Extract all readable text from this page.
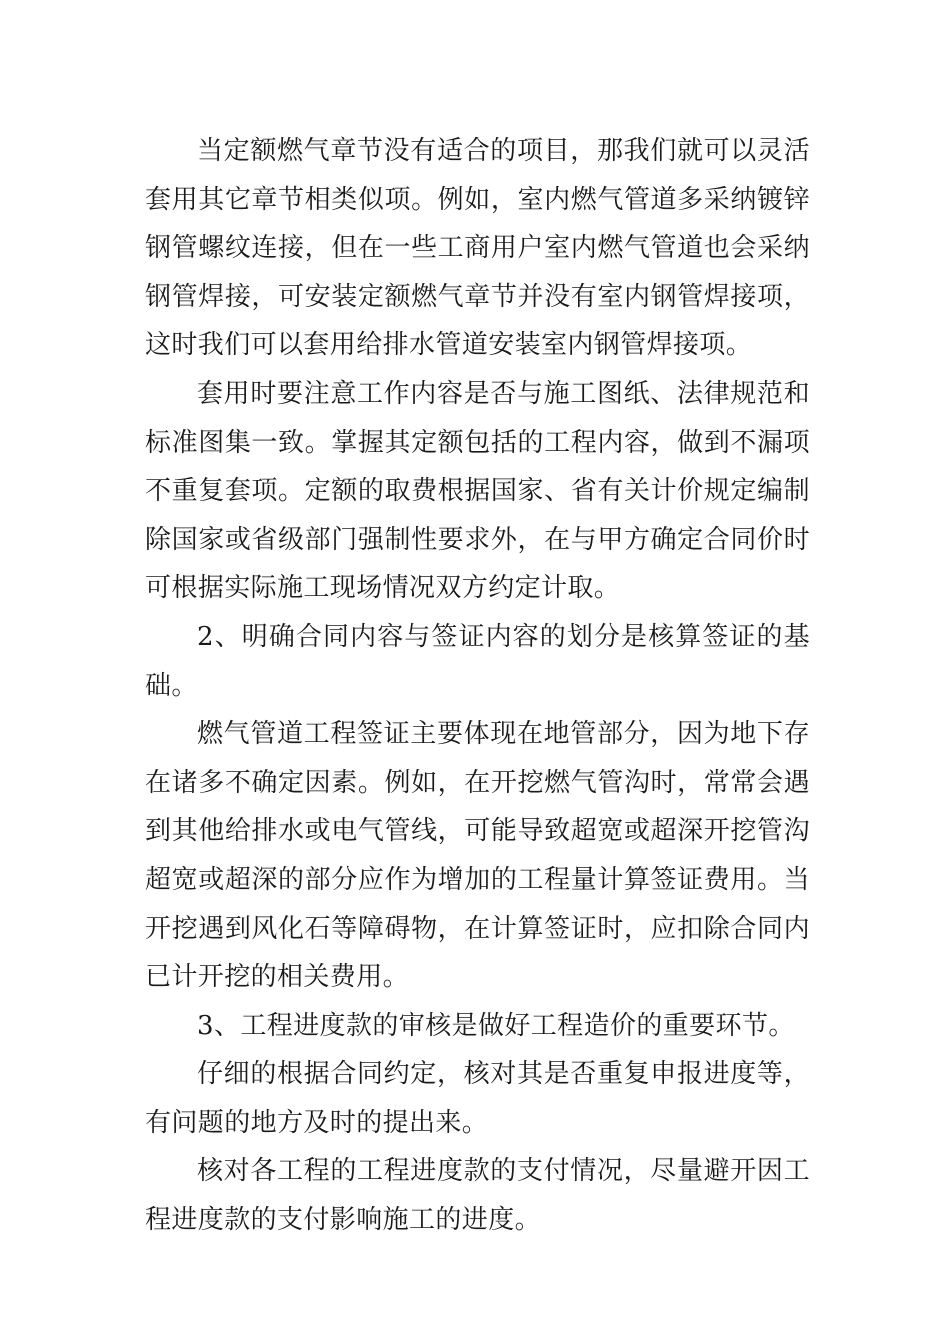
当定额燃气章节没有适合的项目，那我们就可以灵活套用其它章节相类似项。例如，室内燃气管道多采纳镀锌钢管螺纹连接，但在一些工商用户室内燃气管道也会采纳钢管焊接，可安装定额燃气章节并没有室内钢管焊接项，这时我们可以套用给排水管道安装室内钢管焊接项。

套用时要注意工作内容是否与施工图纸、法律规范和标准图集一致。掌握其定额包括的工程内容，做到不漏项不重复套项。定额的取费根据国家、省有关计价规定编制除国家或省级部门强制性要求外，在与甲方确定合同价时可根据实际施工现场情况双方约定计取。

2、明确合同内容与签证内容的划分是核算签证的基础。

燃气管道工程签证主要体现在地管部分，因为地下存在诸多不确定因素。例如，在开挖燃气管沟时，常常会遇到其他给排水或电气管线，可能导致超宽或超深开挖管沟超宽或超深的部分应作为增加的工程量计算签证费用。当开挖遇到风化石等障碍物，在计算签证时，应扣除合同内已计开挖的相关费用。

3、工程进度款的审核是做好工程造价的重要环节。

仔细的根据合同约定，核对其是否重复申报进度等，有问题的地方及时的提出来。

核对各工程的工程进度款的支付情况，尽量避开因工程进度款的支付影响施工的进度。
